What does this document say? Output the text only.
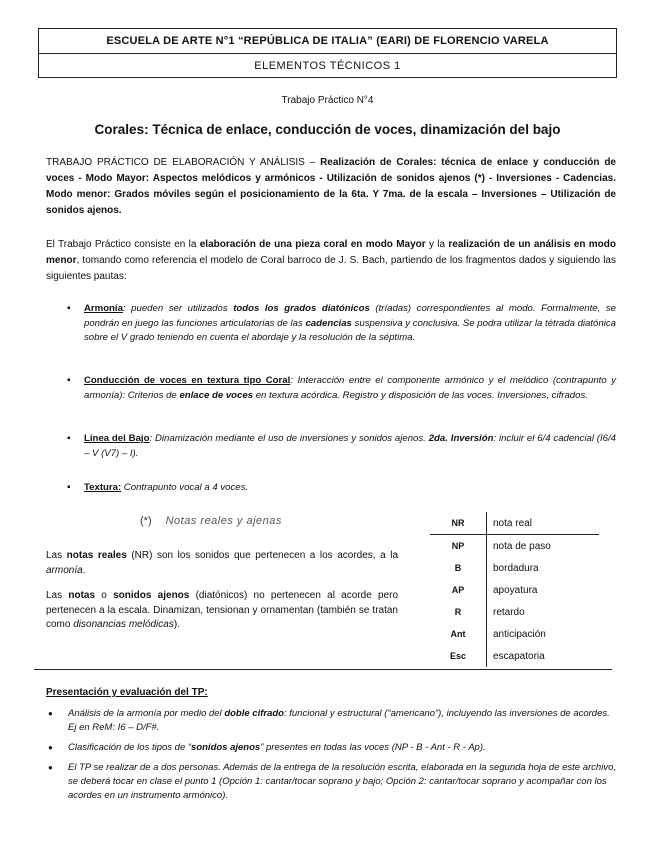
ESCUELA DE ARTE N°1 “REPÚBLICA DE ITALIA” (EARI) DE FLORENCIO VARELA
ELEMENTOS TÉCNICOS 1
Trabajo Práctico N°4
Corales: Técnica de enlace, conducción de voces, dinamización del bajo

TRABAJO PRÁCTICO DE ELABORACIÓN Y ANÁLISIS – Realización de Corales: técnica de enlace y conducción de voces - Modo Mayor: Aspectos melódicos y armónicos - Utilización de sonidos ajenos (*) - Inversiones - Cadencias. Modo menor: Grados móviles según el posicionamiento de la 6ta. Y 7ma. de la escala – Inversiones – Utilización de sonidos ajenos.

El Trabajo Práctico consiste en la elaboración de una pieza coral en modo Mayor y la realización de un análisis en modo menor, tomando como referencia el modelo de Coral barroco de J. S. Bach, partiendo de los fragmentos dados y siguiendo las siguientes pautas:

▪ Armonía: pueden ser utilizados todos los grados diatónicos (tríadas) correspondientes al modo. Formalmente, se pondrán en juego las funciones articulatorias de las cadencias suspensiva y conclusiva. Se podra utilizar la tétrada diatónica sobre el V grado teniendo en cuenta el abordaje y la resolución de la séptima.
▪ Conducción de voces en textura tipo Coral: Interacción entre el componente armónico y el melódico (contrapunto y armonía): Criterios de enlace de voces en textura acórdica. Registro y disposición de las voces. Inversiones, cifrados.
▪ Línea del Bajo: Dinamización mediante el uso de inversiones y sonidos ajenos. 2da. Inversión: incluir el 6/4 cadencial (I6/4 – V (V7) – I).
▪ Textura: Contrapunto vocal a 4 voces.
(*) Notas reales y ajenas

Las notas reales (NR) son los sonidos que pertenecen a los acordes, a la armonía.

Las notas o sonidos ajenos (diatónicos) no pertenecen al acorde pero pertenecen a la escala. Dinamizan, tensionan y ornamentan (también se tratan como disonancias melódicas).

NR	nota real
NP	nota de paso
B	bordadura
AP	apoyatura
R	retardo
Ant	anticipación
Esc	escapatoria
Presentación y evaluación del TP:
● Análisis de la armonía por medio del doble cifrado: funcional y estructural (“americano”), incluyendo las inversiones de acordes. Ej en ReM: I6 – D/F#.
● Clasificación de los tipos de “sonidos ajenos” presentes en todas las voces (NP - B - Ant - R - Ap).
● El TP se realizar de a dos personas. Además de la entrega de la resolución escrita, elaborada en la segunda hoja de este archivo, se deberá tocar en clase el punto 1 (Opción 1: cantar/tocar soprano y bajo; Opción 2: cantar/tocar soprano y acompañar con los acordes en un instrumento armónico).
